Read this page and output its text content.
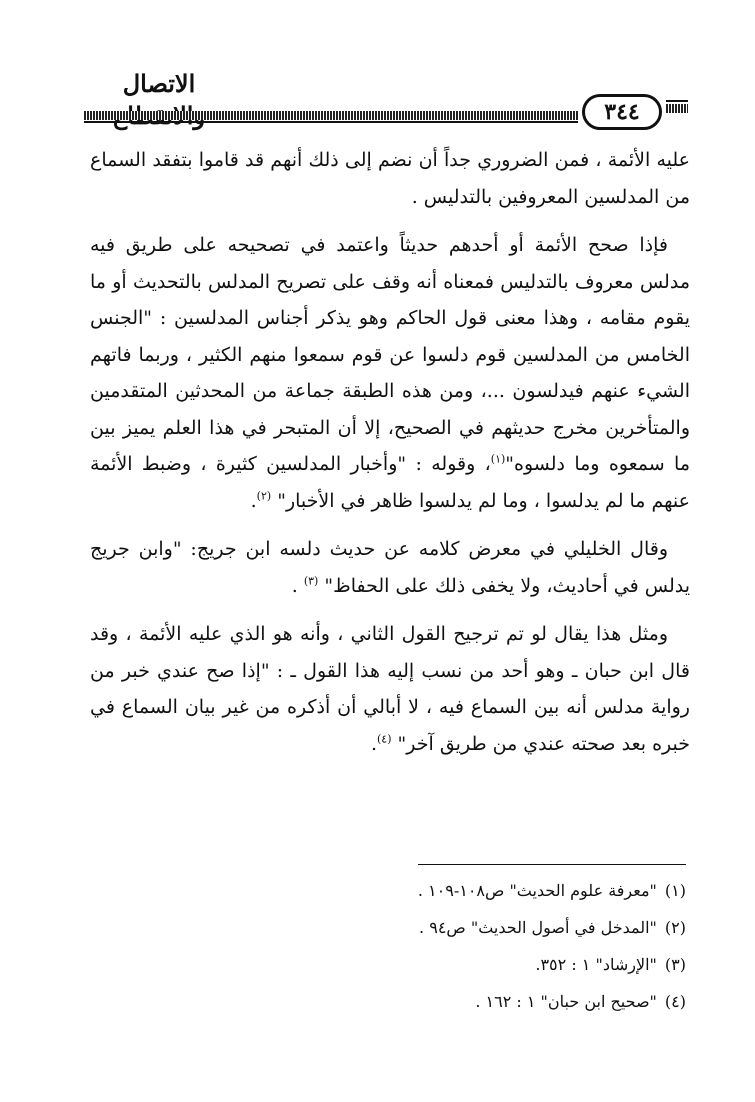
الاتصال
٣٤٤

عليه الأئمة ، فمن الضروري جداً أن نضم إلى ذلك أنهم قد قاموا بتفقد السماع من المدلسين المعروفين بالتدليس .

فإذا صحح الأئمة أو أحدهم حديثاً واعتمد في تصحيحه على طريق فيه مدلس معروف بالتدليس فمعناه أنه وقف على تصريح المدلس بالتحديث أو ما يقوم مقامه ، وهذا معنى قول الحاكم وهو يذكر أجناس المدلسين : "الجنس الخامس من المدلسين قوم دلسوا عن قوم سمعوا منهم الكثير ، وربما فاتهم الشيء عنهم فيدلسون ...، ومن هذه الطبقة جماعة من المحدثين المتقدمين والمتأخرين مخرج حديثهم في الصحيح، إلا أن المتبحر في هذا العلم يميز بين ما سمعوه وما دلسوه"$^{(١)}$، وقوله : "وأخبار المدلسين كثيرة ، وضبط الأئمة عنهم ما لم يدلسوا ، وما لم يدلسوا ظاهر في الأخبار" $^{(٢)}$.

وقال الخليلي في معرض كلامه عن حديث دلسه ابن جريج: "وابن جريج يدلس في أحاديث، ولا يخفى ذلك على الحفاظ" $^{(٣)}$ .

ومثل هذا يقال لو تم ترجيح القول الثاني ، وأنه هو الذي عليه الأئمة ، وقد قال ابن حبان ـ وهو أحد من نسب إليه هذا القول ـ : "إذا صح عندي خبر من رواية مدلس أنه بين السماع فيه ، لا أبالي أن أذكره من غير بيان السماع في خبره بعد صحته عندي من طريق آخر" $^{(٤)}$.

(١)"معرفة علوم الحديث" ص١٠٨-١٠٩ .

(٢)"المدخل في أصول الحديث" ص٩٤ .

(٣)"الإرشاد" ١ : ٣٥٢.

(٤)"صحيح ابن حبان" ١ : ١٦٢ .
